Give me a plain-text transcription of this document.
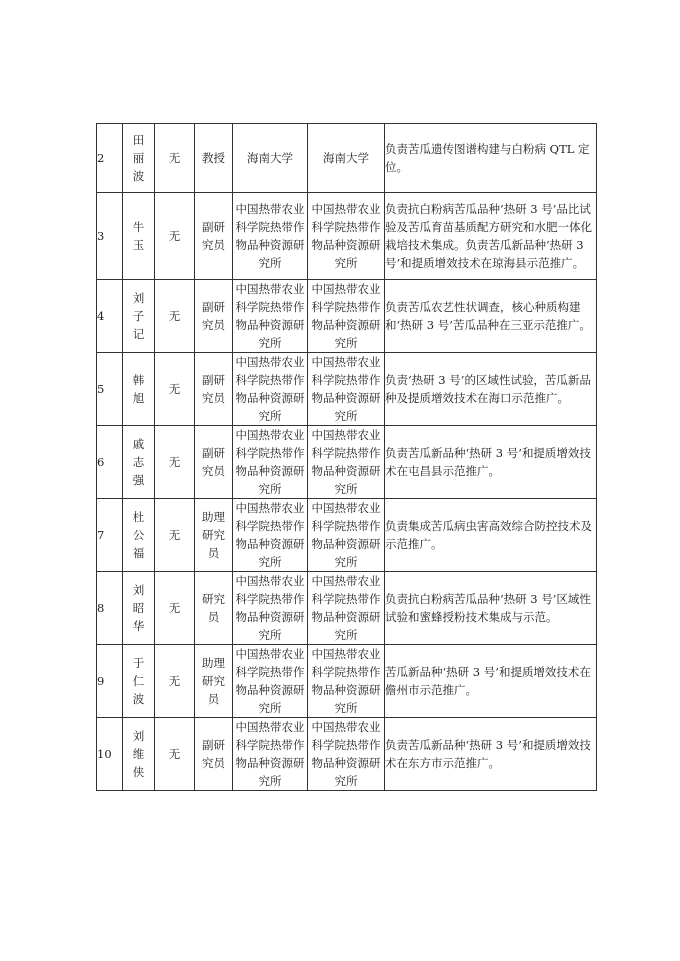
2	田丽波	无	教授	海南大学	海南大学	负责苦瓜遗传图谱构建与白粉病 QTL 定位。
3	牛玉	无	副研究员	中国热带农业科学院热带作物品种资源研究所	中国热带农业科学院热带作物品种资源研究所	负责抗白粉病苦瓜品种‘热研 3 号’品比试验及苦瓜育苗基质配方研究和水肥一体化栽培技术集成。负责苦瓜新品种‘热研 3 号’和提质增效技术在琼海县示范推广。
4	刘子记	无	副研究员	中国热带农业科学院热带作物品种资源研究所	中国热带农业科学院热带作物品种资源研究所	负责苦瓜农艺性状调查，核心种质构建和‘热研 3 号’苦瓜品种在三亚示范推广。
5	韩旭	无	副研究员	中国热带农业科学院热带作物品种资源研究所	中国热带农业科学院热带作物品种资源研究所	负责‘热研 3 号’的区域性试验，苦瓜新品种及提质增效技术在海口示范推广。
6	戚志强	无	副研究员	中国热带农业科学院热带作物品种资源研究所	中国热带农业科学院热带作物品种资源研究所	负责苦瓜新品种‘热研 3 号’和提质增效技术在屯昌县示范推广。
7	杜公福	无	助理研究员	中国热带农业科学院热带作物品种资源研究所	中国热带农业科学院热带作物品种资源研究所	负责集成苦瓜病虫害高效综合防控技术及示范推广。
8	刘昭华	无	研究员	中国热带农业科学院热带作物品种资源研究所	中国热带农业科学院热带作物品种资源研究所	负责抗白粉病苦瓜品种‘热研 3 号’区域性试验和蜜蜂授粉技术集成与示范。
9	于仁波	无	助理研究员	中国热带农业科学院热带作物品种资源研究所	中国热带农业科学院热带作物品种资源研究所	苦瓜新品种‘热研 3 号’和提质增效技术在儋州市示范推广。
10	刘维侠	无	副研究员	中国热带农业科学院热带作物品种资源研究所	中国热带农业科学院热带作物品种资源研究所	负责苦瓜新品种‘热研 3 号’和提质增效技术在东方市示范推广。
